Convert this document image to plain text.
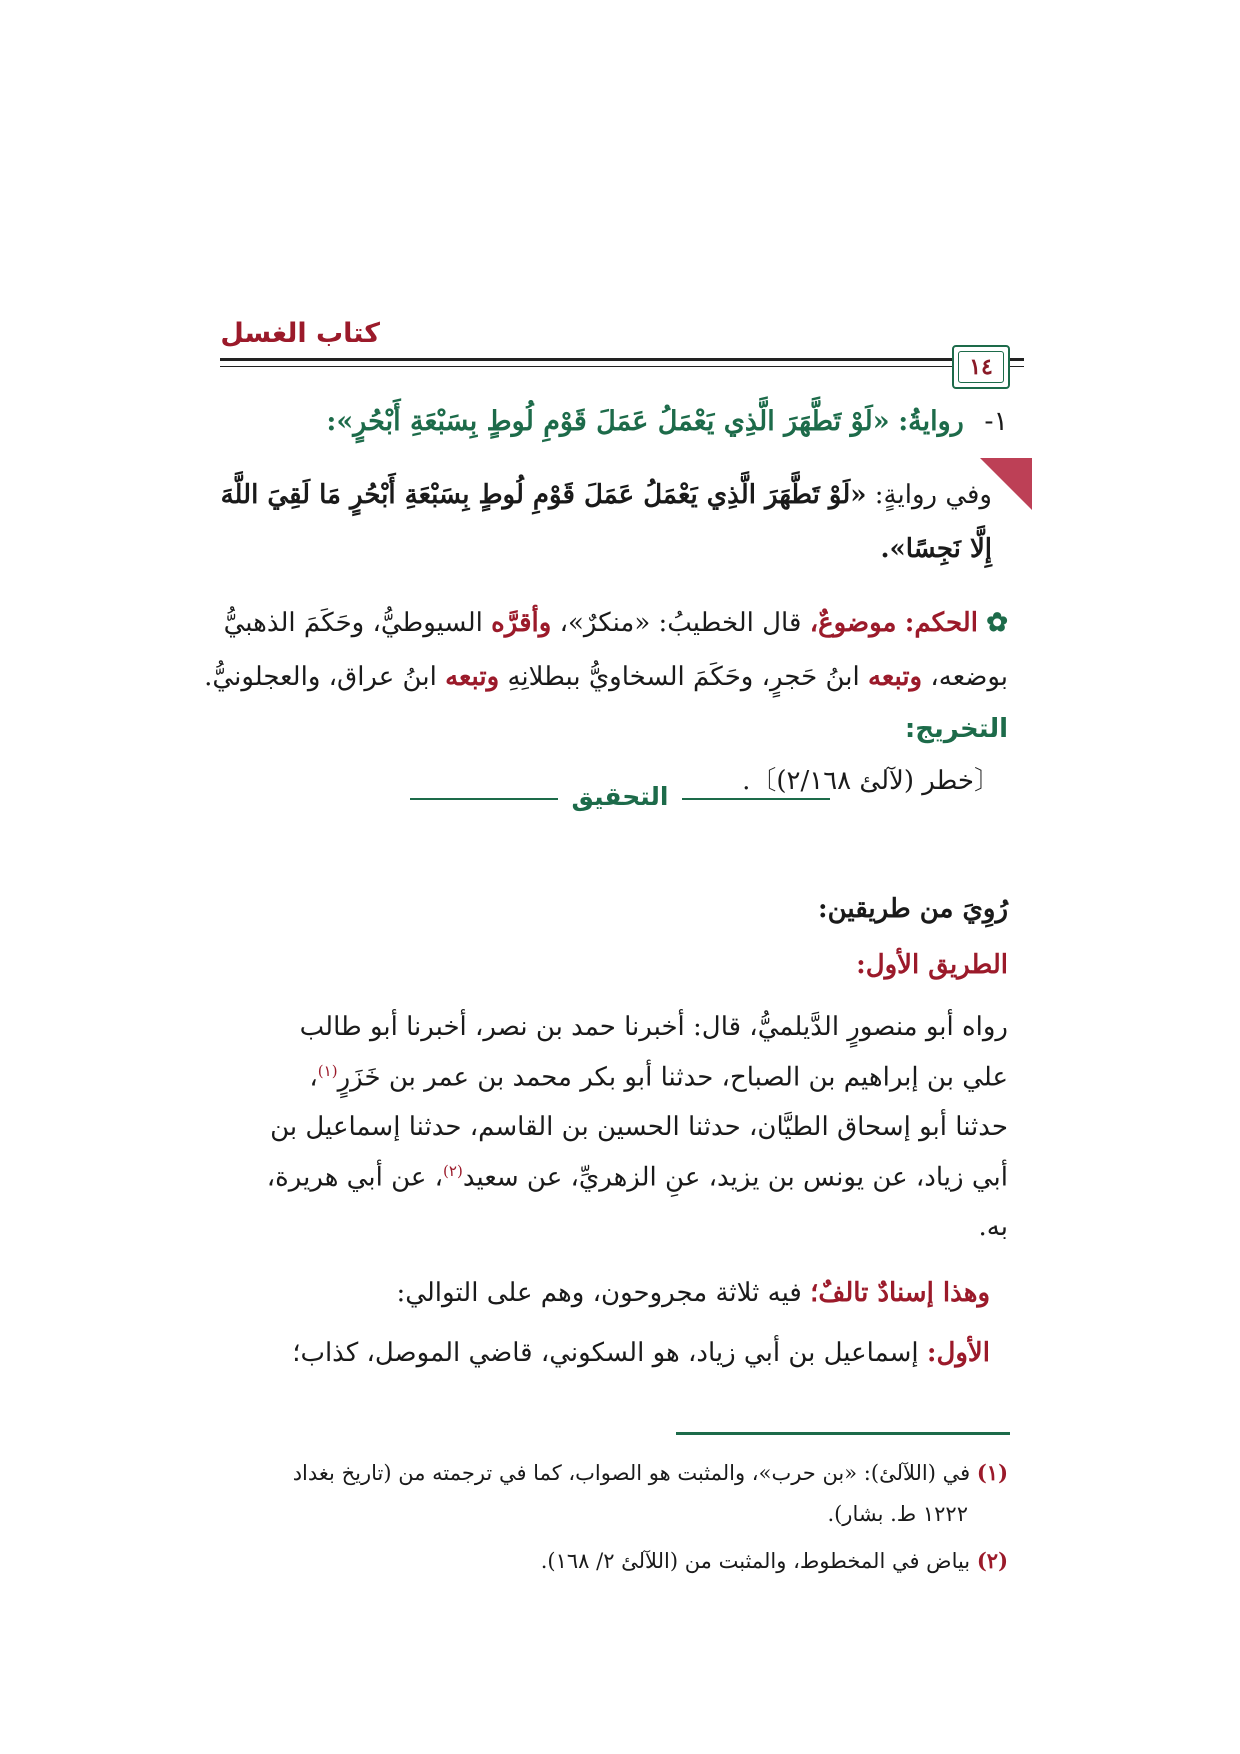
كتاب الغسل
١٤
١- روايةُ: «لَوْ تَطَّهَرَ الَّذِي يَعْمَلُ عَمَلَ قَوْمِ لُوطٍ بِسَبْعَةِ أَبْحُرٍ»:
وفي روايةٍ: «لَوْ تَطَّهَرَ الَّذِي يَعْمَلُ عَمَلَ قَوْمِ لُوطٍ بِسَبْعَةِ أَبْحُرٍ مَا لَقِيَ اللَّهَ
إِلَّا نَجِسًا».
✿ الحكم: موضوعٌ، قال الخطيبُ: «منكرٌ»، وأقرَّه السيوطيُّ، وحَكَمَ الذهبيُّ
بوضعه، وتبعه ابنُ حَجرٍ، وحَكَمَ السخاويُّ ببطلانِهِ وتبعه ابنُ عراق، والعجلونيُّ.
التخريج:
〔خطر (لآلئ ٢/١٦٨)〕.
التحقيق
رُوِيَ من طريقين:
الطريق الأول:
رواه أبو منصورٍ الدَّيلميُّ، قال: أخبرنا حمد بن نصر، أخبرنا أبو طالب
علي بن إبراهيم بن الصباح، حدثنا أبو بكر محمد بن عمر بن خَزَرٍ$^{(١)}$،
حدثنا أبو إسحاق الطيَّان، حدثنا الحسين بن القاسم، حدثنا إسماعيل بن
أبي زياد، عن يونس بن يزيد، عنِ الزهريِّ، عن سعيد$^{(٢)}$، عن أبي هريرة،
به.
وهذا إسنادٌ تالفٌ؛ فيه ثلاثة مجروحون، وهم على التوالي:
الأول: إسماعيل بن أبي زياد، هو السكوني، قاضي الموصل، كذاب؛
(١) في (اللآلئ): «بن حرب»، والمثبت هو الصواب، كما في ترجمته من (تاريخ بغداد
١٢٢٢ ط. بشار).
(٢) بياض في المخطوط، والمثبت من (اللآلئ ٢/ ١٦٨).
